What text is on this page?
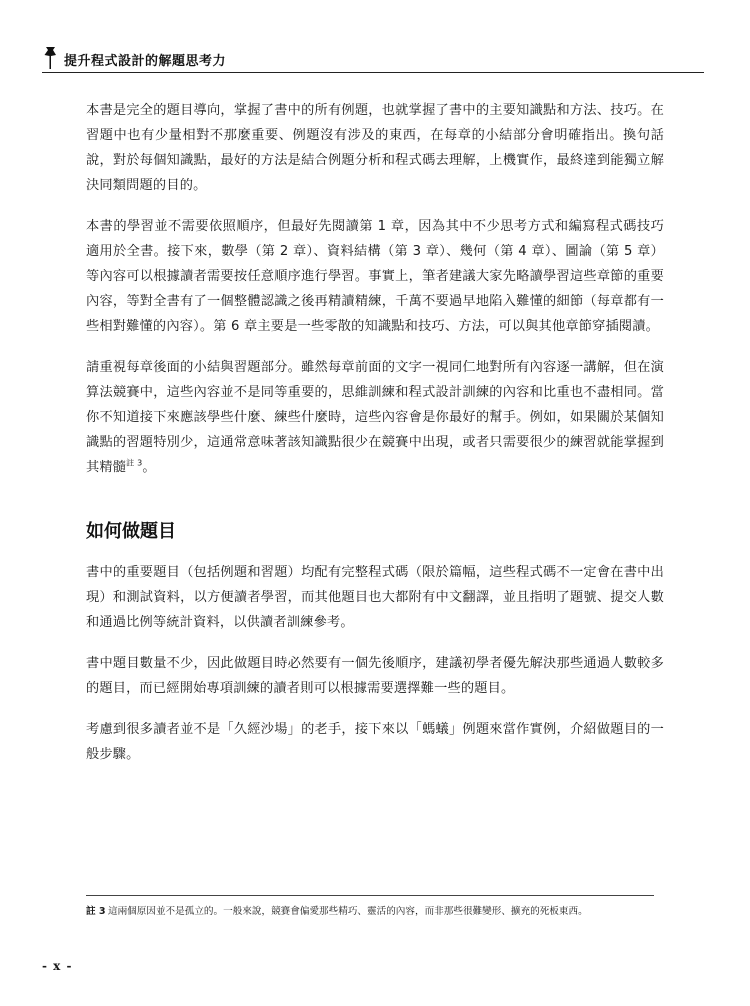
提升程式設計的解題思考力

本書是完全的題目導向，掌握了書中的所有例題，也就掌握了書中的主要知識點和方法、技巧。在習題中也有少量相對不那麼重要、例題沒有涉及的東西，在每章的小結部分會明確指出。換句話說，對於每個知識點，最好的方法是結合例題分析和程式碼去理解，上機實作，最終達到能獨立解決同類問題的目的。

本書的學習並不需要依照順序，但最好先閱讀第 1 章，因為其中不少思考方式和編寫程式碼技巧適用於全書。接下來，數學（第 2 章）、資料結構（第 3 章）、幾何（第 4 章）、圖論（第 5 章）等內容可以根據讀者需要按任意順序進行學習。事實上，筆者建議大家先略讀學習這些章節的重要內容，等對全書有了一個整體認識之後再精讀精練，千萬不要過早地陷入難懂的細節（每章都有一些相對難懂的內容）。第 6 章主要是一些零散的知識點和技巧、方法，可以與其他章節穿插閱讀。

請重視每章後面的小結與習題部分。雖然每章前面的文字一視同仁地對所有內容逐一講解，但在演算法競賽中，這些內容並不是同等重要的，思維訓練和程式設計訓練的內容和比重也不盡相同。當你不知道接下來應該學些什麼、練些什麼時，這些內容會是你最好的幫手。例如，如果關於某個知識點的習題特別少，這通常意味著該知識點很少在競賽中出現，或者只需要很少的練習就能掌握到其精髓$^{註 3}$。

如何做題目

書中的重要題目（包括例題和習題）均配有完整程式碼（限於篇幅，這些程式碼不一定會在書中出現）和測試資料，以方便讀者學習，而其他題目也大都附有中文翻譯，並且指明了題號、提交人數和通過比例等統計資料，以供讀者訓練參考。

書中題目數量不少，因此做題目時必然要有一個先後順序，建議初學者優先解決那些通過人數較多的題目，而已經開始專項訓練的讀者則可以根據需要選擇難一些的題目。

考慮到很多讀者並不是「久經沙場」的老手，接下來以「螞蟻」例題來當作實例，介紹做題目的一般步驟。

註 3 這兩個原因並不是孤立的。一般來說，競賽會偏愛那些精巧、靈活的內容，而非那些很難變形、擴充的死板東西。
- x -
